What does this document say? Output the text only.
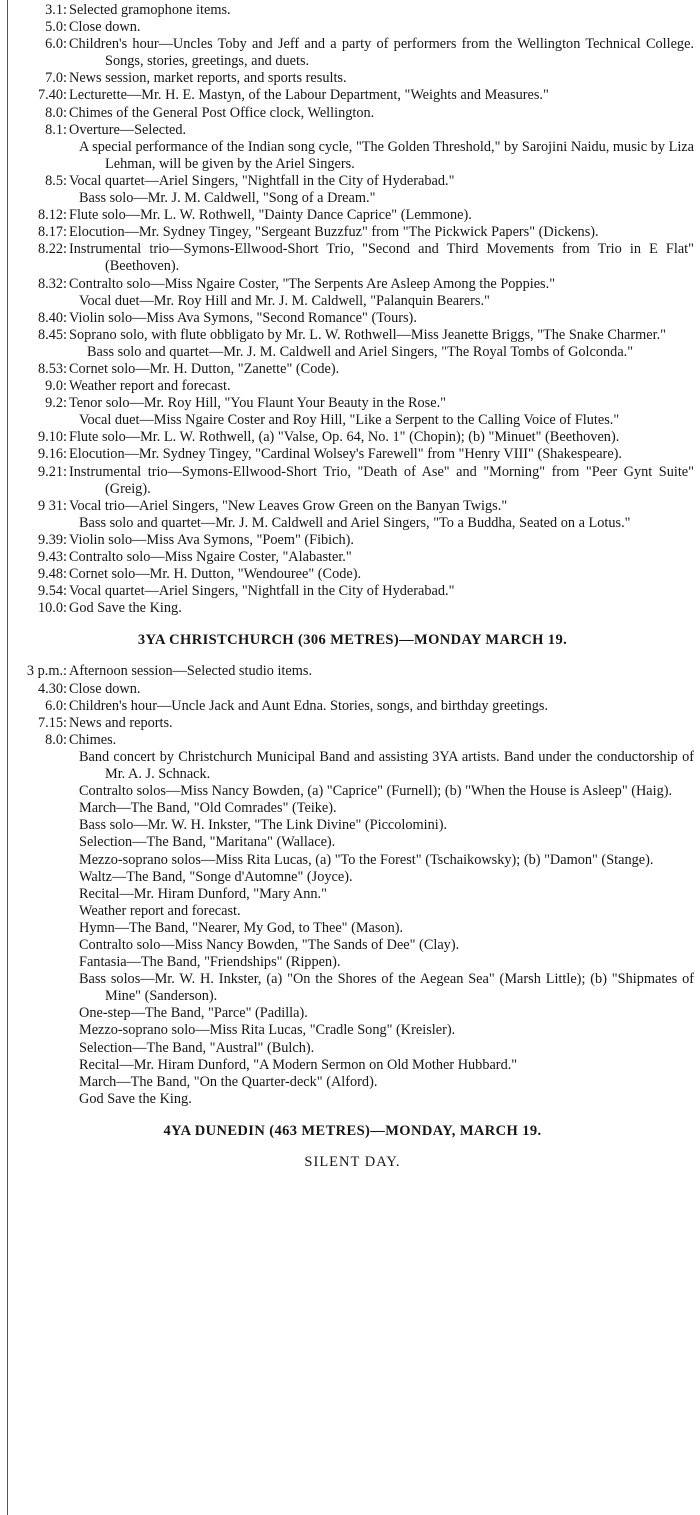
3.1: Selected gramophone items.
5.0: Close down.
6.0: Children's hour—Uncles Toby and Jeff and a party of performers from the Wellington Technical College. Songs, stories, greetings, and duets.
7.0: News session, market reports, and sports results.
7.40: Lecturette—Mr. H. E. Mastyn, of the Labour Department, "Weights and Measures."
8.0: Chimes of the General Post Office clock, Wellington.
8.1: Overture—Selected.
A special performance of the Indian song cycle, "The Golden Threshold," by Sarojini Naidu, music by Liza Lehman, will be given by the Ariel Singers.
8.5: Vocal quartet—Ariel Singers, "Nightfall in the City of Hyderabad."
Bass solo—Mr. J. M. Caldwell, "Song of a Dream."
8.12: Flute solo—Mr. L. W. Rothwell, "Dainty Dance Caprice" (Lemmone).
8.17: Elocution—Mr. Sydney Tingey, "Sergeant Buzzfuz" from "The Pickwick Papers" (Dickens).
8.22: Instrumental trio—Symons-Ellwood-Short Trio, "Second and Third Movements from Trio in E Flat" (Beethoven).
8.32: Contralto solo—Miss Ngaire Coster, "The Serpents Are Asleep Among the Poppies."
Vocal duet—Mr. Roy Hill and Mr. J. M. Caldwell, "Palanquin Bearers."
8.40: Violin solo—Miss Ava Symons, "Second Romance" (Tours).
8.45: Soprano solo, with flute obbligato by Mr. L. W. Rothwell—Miss Jeanette Briggs, "The Snake Charmer."
Bass solo and quartet—Mr. J. M. Caldwell and Ariel Singers, "The Royal Tombs of Golconda."
8.53: Cornet solo—Mr. H. Dutton, "Zanette" (Code).
9.0: Weather report and forecast.
9.2: Tenor solo—Mr. Roy Hill, "You Flaunt Your Beauty in the Rose."
Vocal duet—Miss Ngaire Coster and Roy Hill, "Like a Serpent to the Calling Voice of Flutes."
9.10: Flute solo—Mr. L. W. Rothwell, (a) "Valse, Op. 64, No. 1" (Chopin); (b) "Minuet" (Beethoven).
9.16: Elocution—Mr. Sydney Tingey, "Cardinal Wolsey's Farewell" from "Henry VIII" (Shakespeare).
9.21: Instrumental trio—Symons-Ellwood-Short Trio, "Death of Ase" and "Morning" from "Peer Gynt Suite" (Greig).
9 31: Vocal trio—Ariel Singers, "New Leaves Grow Green on the Banyan Twigs."
Bass solo and quartet—Mr. J. M. Caldwell and Ariel Singers, "To a Buddha, Seated on a Lotus."
9.39: Violin solo—Miss Ava Symons, "Poem" (Fibich).
9.43: Contralto solo—Miss Ngaire Coster, "Alabaster."
9.48: Cornet solo—Mr. H. Dutton, "Wendouree" (Code).
9.54: Vocal quartet—Ariel Singers, "Nightfall in the City of Hyderabad."
10.0: God Save the King.
3YA CHRISTCHURCH (306 METRES)—MONDAY MARCH 19.
3 p.m.: Afternoon session—Selected studio items.
4.30: Close down.
6.0: Children's hour—Uncle Jack and Aunt Edna. Stories, songs, and birthday greetings.
7.15: News and reports.
8.0: Chimes.
Band concert by Christchurch Municipal Band and assisting 3YA artists. Band under the conductorship of Mr. A. J. Schnack.
Contralto solos—Miss Nancy Bowden, (a) "Caprice" (Furnell); (b) "When the House is Asleep" (Haig).
March—The Band, "Old Comrades" (Teike).
Bass solo—Mr. W. H. Inkster, "The Link Divine" (Piccolomini).
Selection—The Band, "Maritana" (Wallace).
Mezzo-soprano solos—Miss Rita Lucas, (a) "To the Forest" (Tschaikowsky); (b) "Damon" (Stange).
Waltz—The Band, "Songe d'Automne" (Joyce).
Recital—Mr. Hiram Dunford, "Mary Ann."
Weather report and forecast.
Hymn—The Band, "Nearer, My God, to Thee" (Mason).
Contralto solo—Miss Nancy Bowden, "The Sands of Dee" (Clay).
Fantasia—The Band, "Friendships" (Rippen).
Bass solos—Mr. W. H. Inkster, (a) "On the Shores of the Aegean Sea" (Marsh Little); (b) "Shipmates of Mine" (Sanderson).
One-step—The Band, "Parce" (Padilla).
Mezzo-soprano solo—Miss Rita Lucas, "Cradle Song" (Kreisler).
Selection—The Band, "Austral" (Bulch).
Recital—Mr. Hiram Dunford, "A Modern Sermon on Old Mother Hubbard."
March—The Band, "On the Quarter-deck" (Alford).
God Save the King.
4YA DUNEDIN (463 METRES)—MONDAY, MARCH 19.
SILENT DAY.
